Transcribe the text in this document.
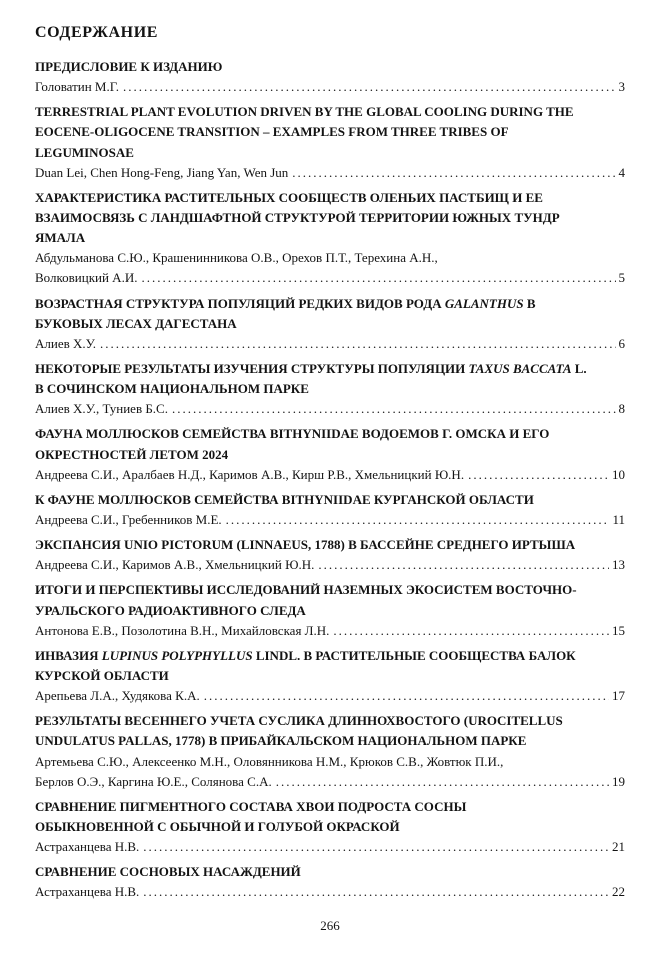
СОДЕРЖАНИЕ
ПРЕДИСЛОВИЕ К ИЗДАНИЮ
Головатин М.Г. .....	3
TERRESTRIAL PLANT EVOLUTION DRIVEN BY THE GLOBAL COOLING DURING THE
EOCENE-OLIGOCENE TRANSITION – EXAMPLES FROM THREE TRIBES OF
LEGUMINOSAE
Duan Lei, Chen Hong-Feng, Jiang Yan, Wen Jun .....	4
ХАРАКТЕРИСТИКА РАСТИТЕЛЬНЫХ СООБЩЕСТВ ОЛЕНЬИХ ПАСТБИЩ И ЕЕ
ВЗАИМОСВЯЗЬ С ЛАНДШАФТНОЙ СТРУКТУРОЙ ТЕРРИТОРИИ ЮЖНЫХ ТУНДР
ЯМАЛА
Абдульманова С.Ю., Крашенинникова О.В., Орехов П.Т., Терехина А.Н.,
Волковицкий А.И. .....	5
ВОЗРАСТНАЯ СТРУКТУРА ПОПУЛЯЦИЙ РЕДКИХ ВИДОВ РОДА GALANTHUS В
БУКОВЫХ ЛЕСАХ ДАГЕСТАНА
Алиев Х.У. .....	6
НЕКОТОРЫЕ РЕЗУЛЬТАТЫ ИЗУЧЕНИЯ СТРУКТУРЫ ПОПУЛЯЦИИ TAXUS BACCATA L.
В СОЧИНСКОМ НАЦИОНАЛЬНОМ ПАРКЕ
Алиев Х.У., Туниев Б.С. .....	8
ФАУНА МОЛЛЮСКОВ СЕМЕЙСТВА BITHYNIIDAE ВОДОЕМОВ Г. ОМСКА И ЕГО
ОКРЕСТНОСТЕЙ ЛЕТОМ 2024
Андреева С.И., Аралбаев Н.Д., Каримов А.В., Кирш Р.В., Хмельницкий Ю.Н. .....	10
К ФАУНЕ МОЛЛЮСКОВ СЕМЕЙСТВА BITHYNIIDAE КУРГАНСКОЙ ОБЛАСТИ
Андреева С.И., Гребенников М.Е. .....	11
ЭКСПАНСИЯ UNIO PICTORUM (LINNAEUS, 1788) В БАССЕЙНЕ СРЕДНЕГО ИРТЫША
Андреева С.И., Каримов А.В., Хмельницкий Ю.Н. .....	13
ИТОГИ И ПЕРСПЕКТИВЫ ИССЛЕДОВАНИЙ НАЗЕМНЫХ ЭКОСИСТЕМ ВОСТОЧНО-
УРАЛЬСКОГО РАДИОАКТИВНОГО СЛЕДА
Антонова Е.В., Позолотина В.Н., Михайловская Л.Н. .....	15
ИНВАЗИЯ LUPINUS POLYPHYLLUS LINDL. В РАСТИТЕЛЬНЫЕ СООБЩЕСТВА БАЛОК
КУРСКОЙ ОБЛАСТИ
Арепьева Л.А., Худякова К.А. .....	17
РЕЗУЛЬТАТЫ ВЕСЕННЕГО УЧЕТА СУСЛИКА ДЛИННОХВОСТОГО (UROCITELLUS
UNDULATUS PALLAS, 1778) В ПРИБАЙКАЛЬСКОМ НАЦИОНАЛЬНОМ ПАРКЕ
Артемьева С.Ю., Алексеенко М.Н., Оловянникова Н.М., Крюков С.В., Жовтюк П.И.,
Берлов О.Э., Каргина Ю.Е., Солянова С.А. .....	19
СРАВНЕНИЕ ПИГМЕНТНОГО СОСТАВА ХВОИ ПОДРОСТА СОСНЫ
ОБЫКНОВЕННОЙ С ОБЫЧНОЙ И ГОЛУБОЙ ОКРАСКОЙ
Астраханцева Н.В. .....	21
СРАВНЕНИЕ СОСНОВЫХ НАСАЖДЕНИЙ
Астраханцева Н.В. .....	22
266
